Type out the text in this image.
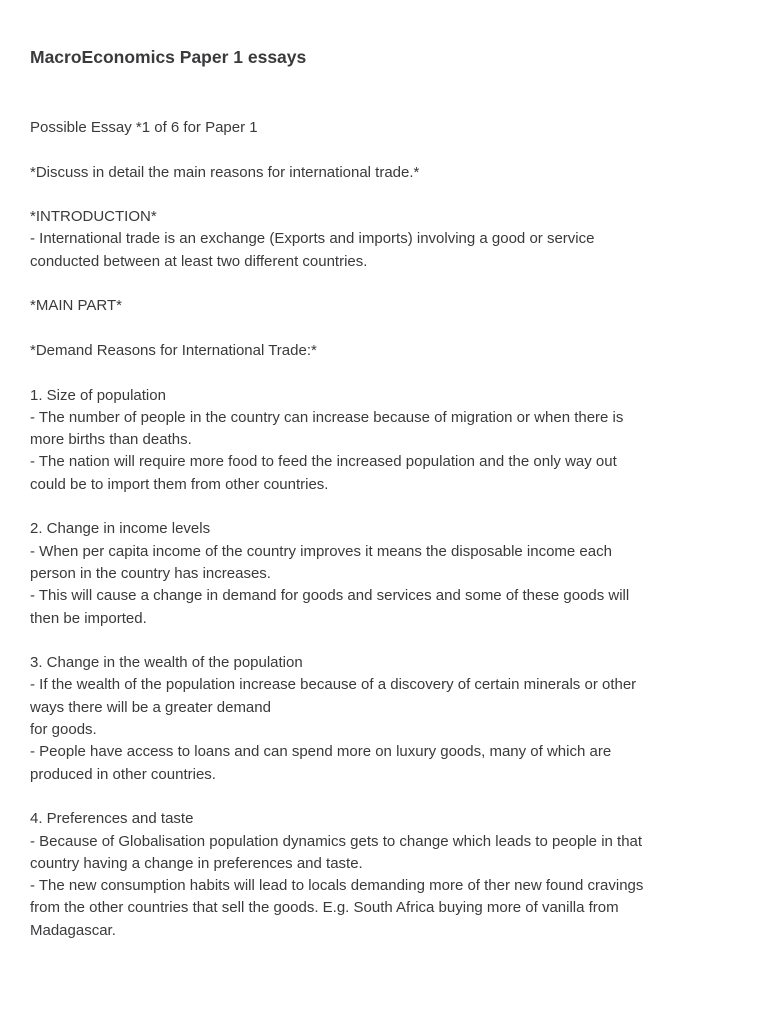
MacroEconomics Paper 1 essays
Possible Essay *1 of 6 for Paper 1
*Discuss in detail the main reasons for international trade.*
*INTRODUCTION*
- International trade is an exchange (Exports and imports) involving a good or service
conducted between at least two different countries.
*MAIN PART*
*Demand Reasons for International Trade:*
1. Size of population
- The number of people in the country can increase because of migration or when there is
more births than deaths.
- The nation will require more food to feed the increased population and the only way out
could be to import them from other countries.
2. Change in income levels
- When per capita income of the country improves it means the disposable income each
person in the country has increases.
- This will cause a change in demand for goods and services and some of these goods will
then be imported.
3. Change in the wealth of the population
- If the wealth of the population increase because of a discovery of certain minerals or other
ways there will be a greater demand
for goods.
- People have access to loans and can spend more on luxury goods, many of which are
produced in other countries.
4. Preferences and taste
- Because of Globalisation population dynamics gets to change which leads to people in that
country having a change in preferences and taste.
- The new consumption habits will lead to locals demanding more of ther new found cravings
from the other countries that sell the goods. E.g. South Africa buying more of vanilla from
Madagascar.
